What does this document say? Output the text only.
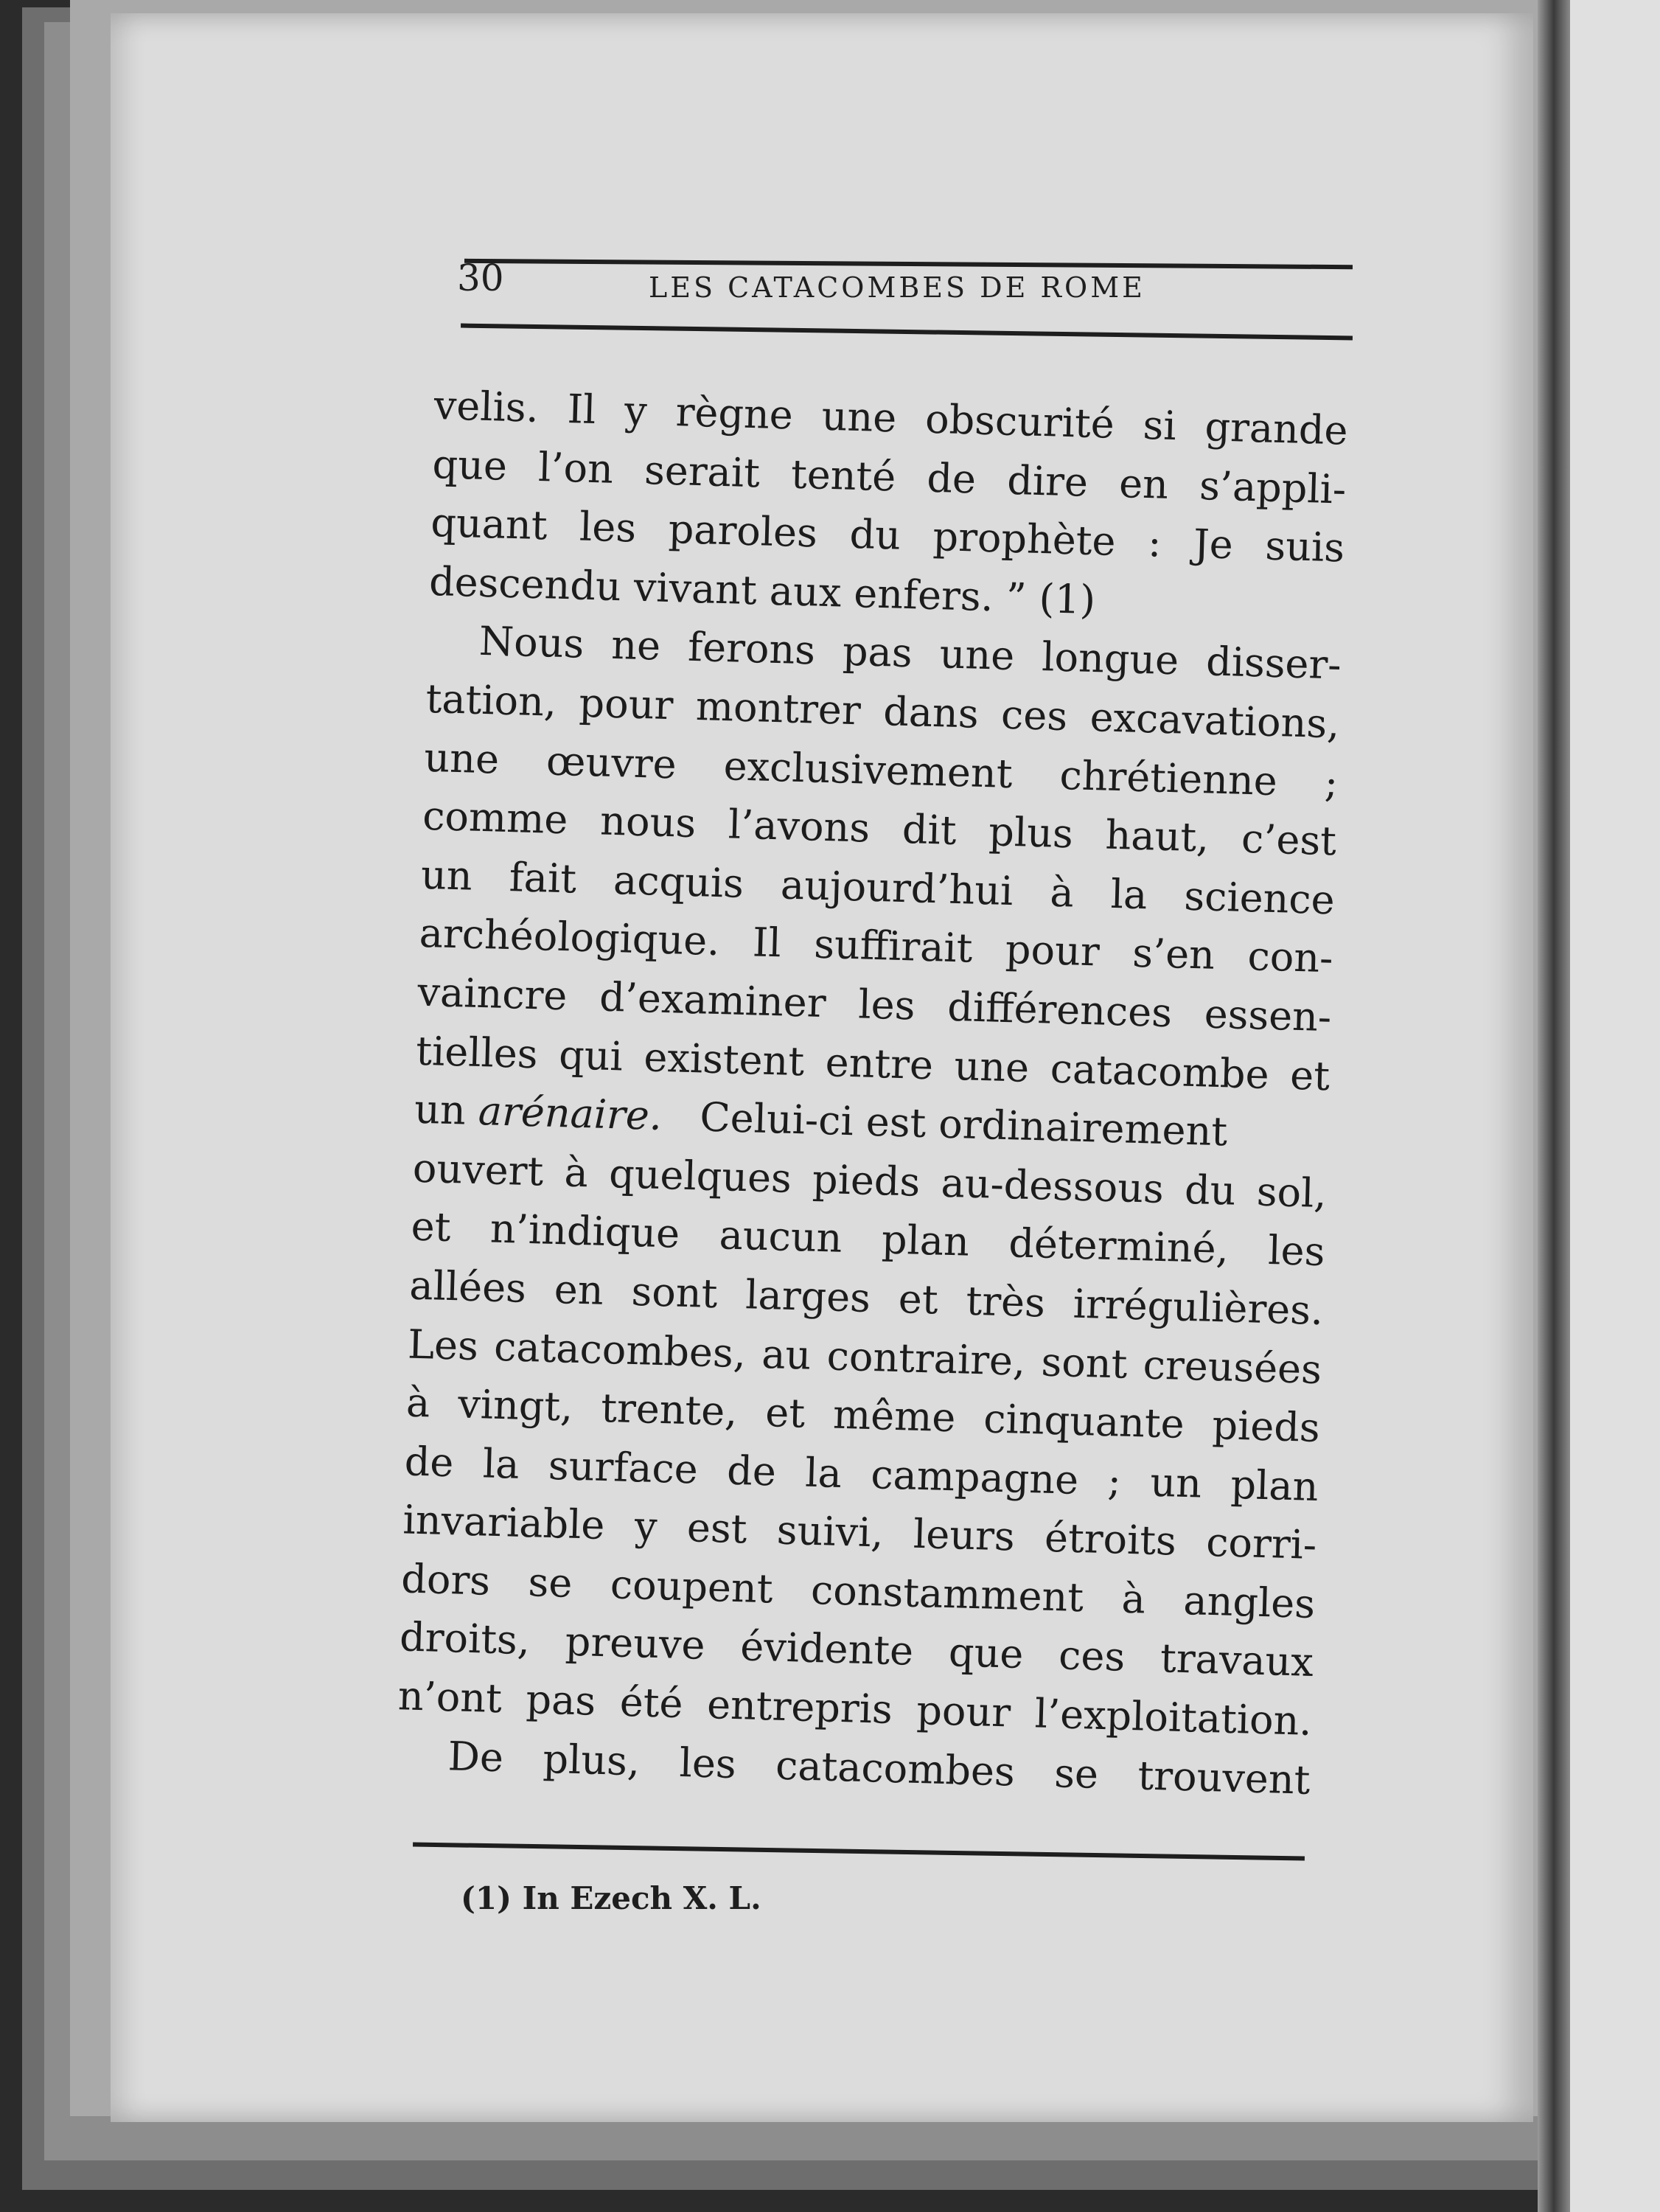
30	LES CATACOMBES DE ROME
velis. Il y règne une obscurité si grande
que l’on serait tenté de dire en s’appli-
quant les paroles du prophète : Je suis
descendu vivant aux enfers. ” (1)
Nous ne ferons pas une longue disser-
tation, pour montrer dans ces excavations,
une œuvre exclusivement chrétienne ;
comme nous l’avons dit plus haut, c’est
un fait acquis aujourd’hui à la science
archéologique. Il suffirait pour s’en con-
vaincre d’examiner les différences essen-
tielles qui existent entre une catacombe et
un arénaire. Celui-ci est ordinairement
ouvert à quelques pieds au-dessous du sol,
et n’indique aucun plan déterminé, les
allées en sont larges et très irrégulières.
Les catacombes, au contraire, sont creusées
à vingt, trente, et même cinquante pieds
de la surface de la campagne ; un plan
invariable y est suivi, leurs étroits corri-
dors se coupent constamment à angles
droits, preuve évidente que ces travaux
n’ont pas été entrepris pour l’exploitation.
De plus, les catacombes se trouvent
(1) In Ezech X. L.
